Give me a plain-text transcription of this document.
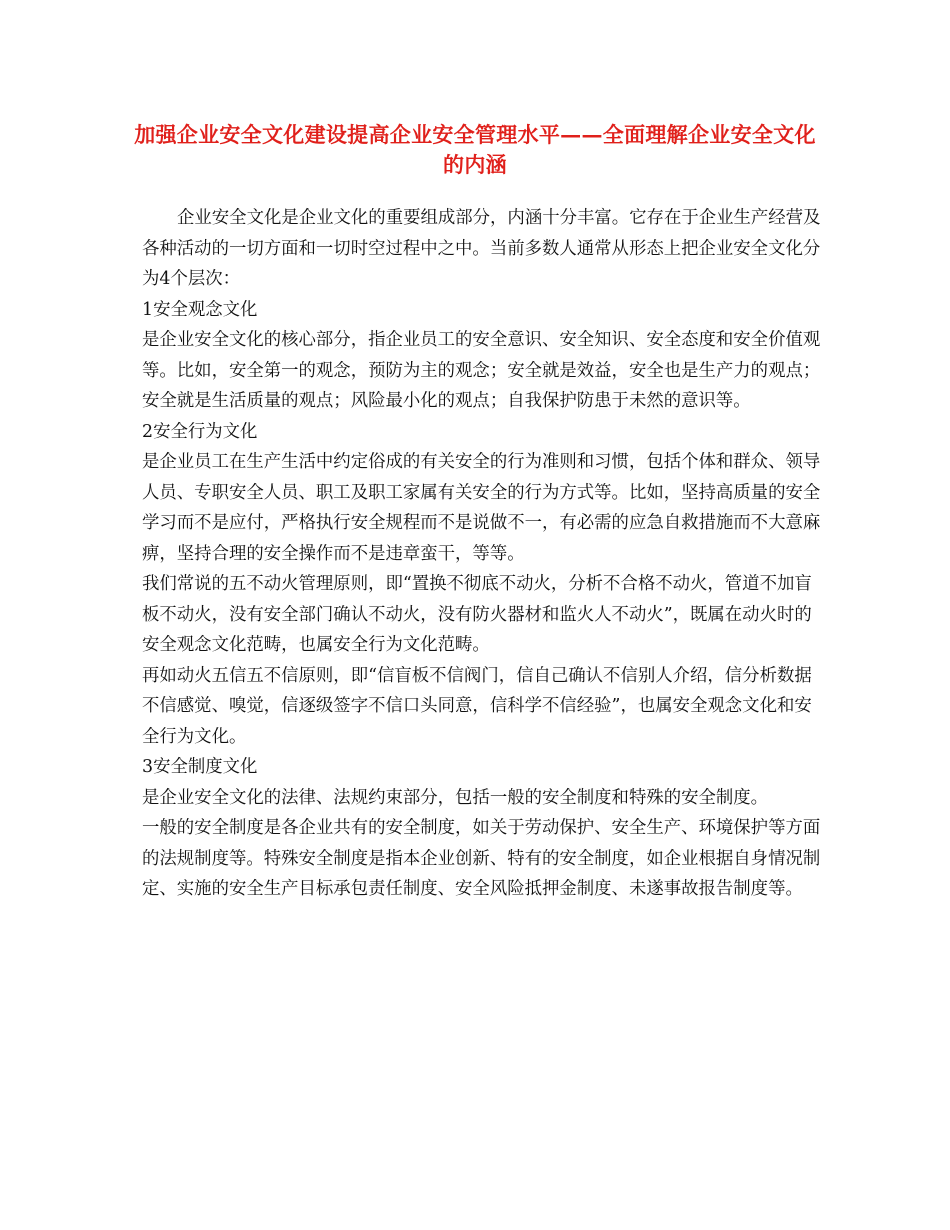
加强企业安全文化建设提高企业安全管理水平——全面理解企业安全文化的内涵

企业安全文化是企业文化的重要组成部分，内涵十分丰富。它存在于企业生产经营及各种活动的一切方面和一切时空过程中之中。当前多数人通常从形态上把企业安全文化分为4个层次：

1安全观念文化

是企业安全文化的核心部分，指企业员工的安全意识、安全知识、安全态度和安全价值观等。比如，安全第一的观念，预防为主的观念；安全就是效益，安全也是生产力的观点；安全就是生活质量的观点；风险最小化的观点；自我保护防患于未然的意识等。

2安全行为文化

是企业员工在生产生活中约定俗成的有关安全的行为准则和习惯，包括个体和群众、领导人员、专职安全人员、职工及职工家属有关安全的行为方式等。比如，坚持高质量的安全学习而不是应付，严格执行安全规程而不是说做不一，有必需的应急自救措施而不大意麻痹，坚持合理的安全操作而不是违章蛮干，等等。

我们常说的五不动火管理原则，即“置换不彻底不动火，分析不合格不动火，管道不加盲板不动火，没有安全部门确认不动火，没有防火器材和监火人不动火”，既属在动火时的安全观念文化范畴，也属安全行为文化范畴。

再如动火五信五不信原则，即“信盲板不信阀门，信自己确认不信别人介绍，信分析数据不信感觉、嗅觉，信逐级签字不信口头同意，信科学不信经验”，也属安全观念文化和安全行为文化。

3安全制度文化

是企业安全文化的法律、法规约束部分，包括一般的安全制度和特殊的安全制度。

一般的安全制度是各企业共有的安全制度，如关于劳动保护、安全生产、环境保护等方面的法规制度等。特殊安全制度是指本企业创新、特有的安全制度，如企业根据自身情况制定、实施的安全生产目标承包责任制度、安全风险抵押金制度、未遂事故报告制度等。
